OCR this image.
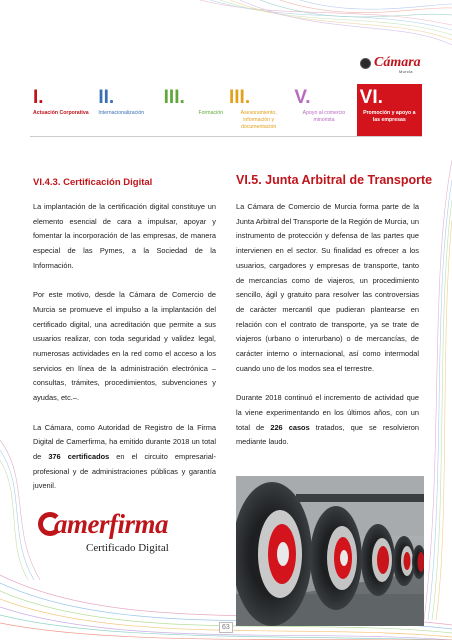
Cámara
Murcia
I.
Actuación Corporativa
II.
Internacionalización
III.
Formación
III.
Asesoramiento, información y documentación
V.
Apoyo al comercio minorista
VI.
Promoción y apoyo a las empresas
VI.4.3. Certificación Digital

La implantación de la certificación digital constituye un elemento esencial de cara a impulsar, apoyar y fomentar la incorporación de las empresas, de manera especial de las Pymes, a la Sociedad de la Información.

Por este motivo, desde la Cámara de Comercio de Murcia se promueve el impulso a la implantación del certificado digital, una acreditación que permite a sus usuarios realizar, con toda seguridad y validez legal, numerosas actividades en la red como el acceso a los servicios en línea de la administración electrónica –consultas, trámites, procedimientos, subvenciones y ayudas, etc.–.

La Cámara, como Autoridad de Registro de la Firma Digital de Camerfirma, ha emitido durante 2018 un total de 376 certificados en el circuito empresarial-profesional y de administraciones públicas y garantía juvenil.

amerfirma
Certificado Digital
VI.5. Junta Arbitral de Transporte

La Cámara de Comercio de Murcia forma parte de la Junta Arbitral del Transporte de la Región de Murcia, un instrumento de protección y defensa de las partes que intervienen en el sector. Su finalidad es ofrecer a los usuarios, cargadores y empresas de transporte, tanto de mercancías como de viajeros, un procedimiento sencillo, ágil y gratuito para resolver las controversias de carácter mercantil que pudieran plantearse en relación con el contrato de transporte, ya se trate de viajeros (urbano o interurbano) o de mercancías, de carácter interno o internacional, así como intermodal cuando uno de los modos sea el terrestre.

Durante 2018 continuó el incremento de actividad que la viene experimentando en los últimos años, con un total de 226 casos tratados, que se resolvieron mediante laudo.

63
